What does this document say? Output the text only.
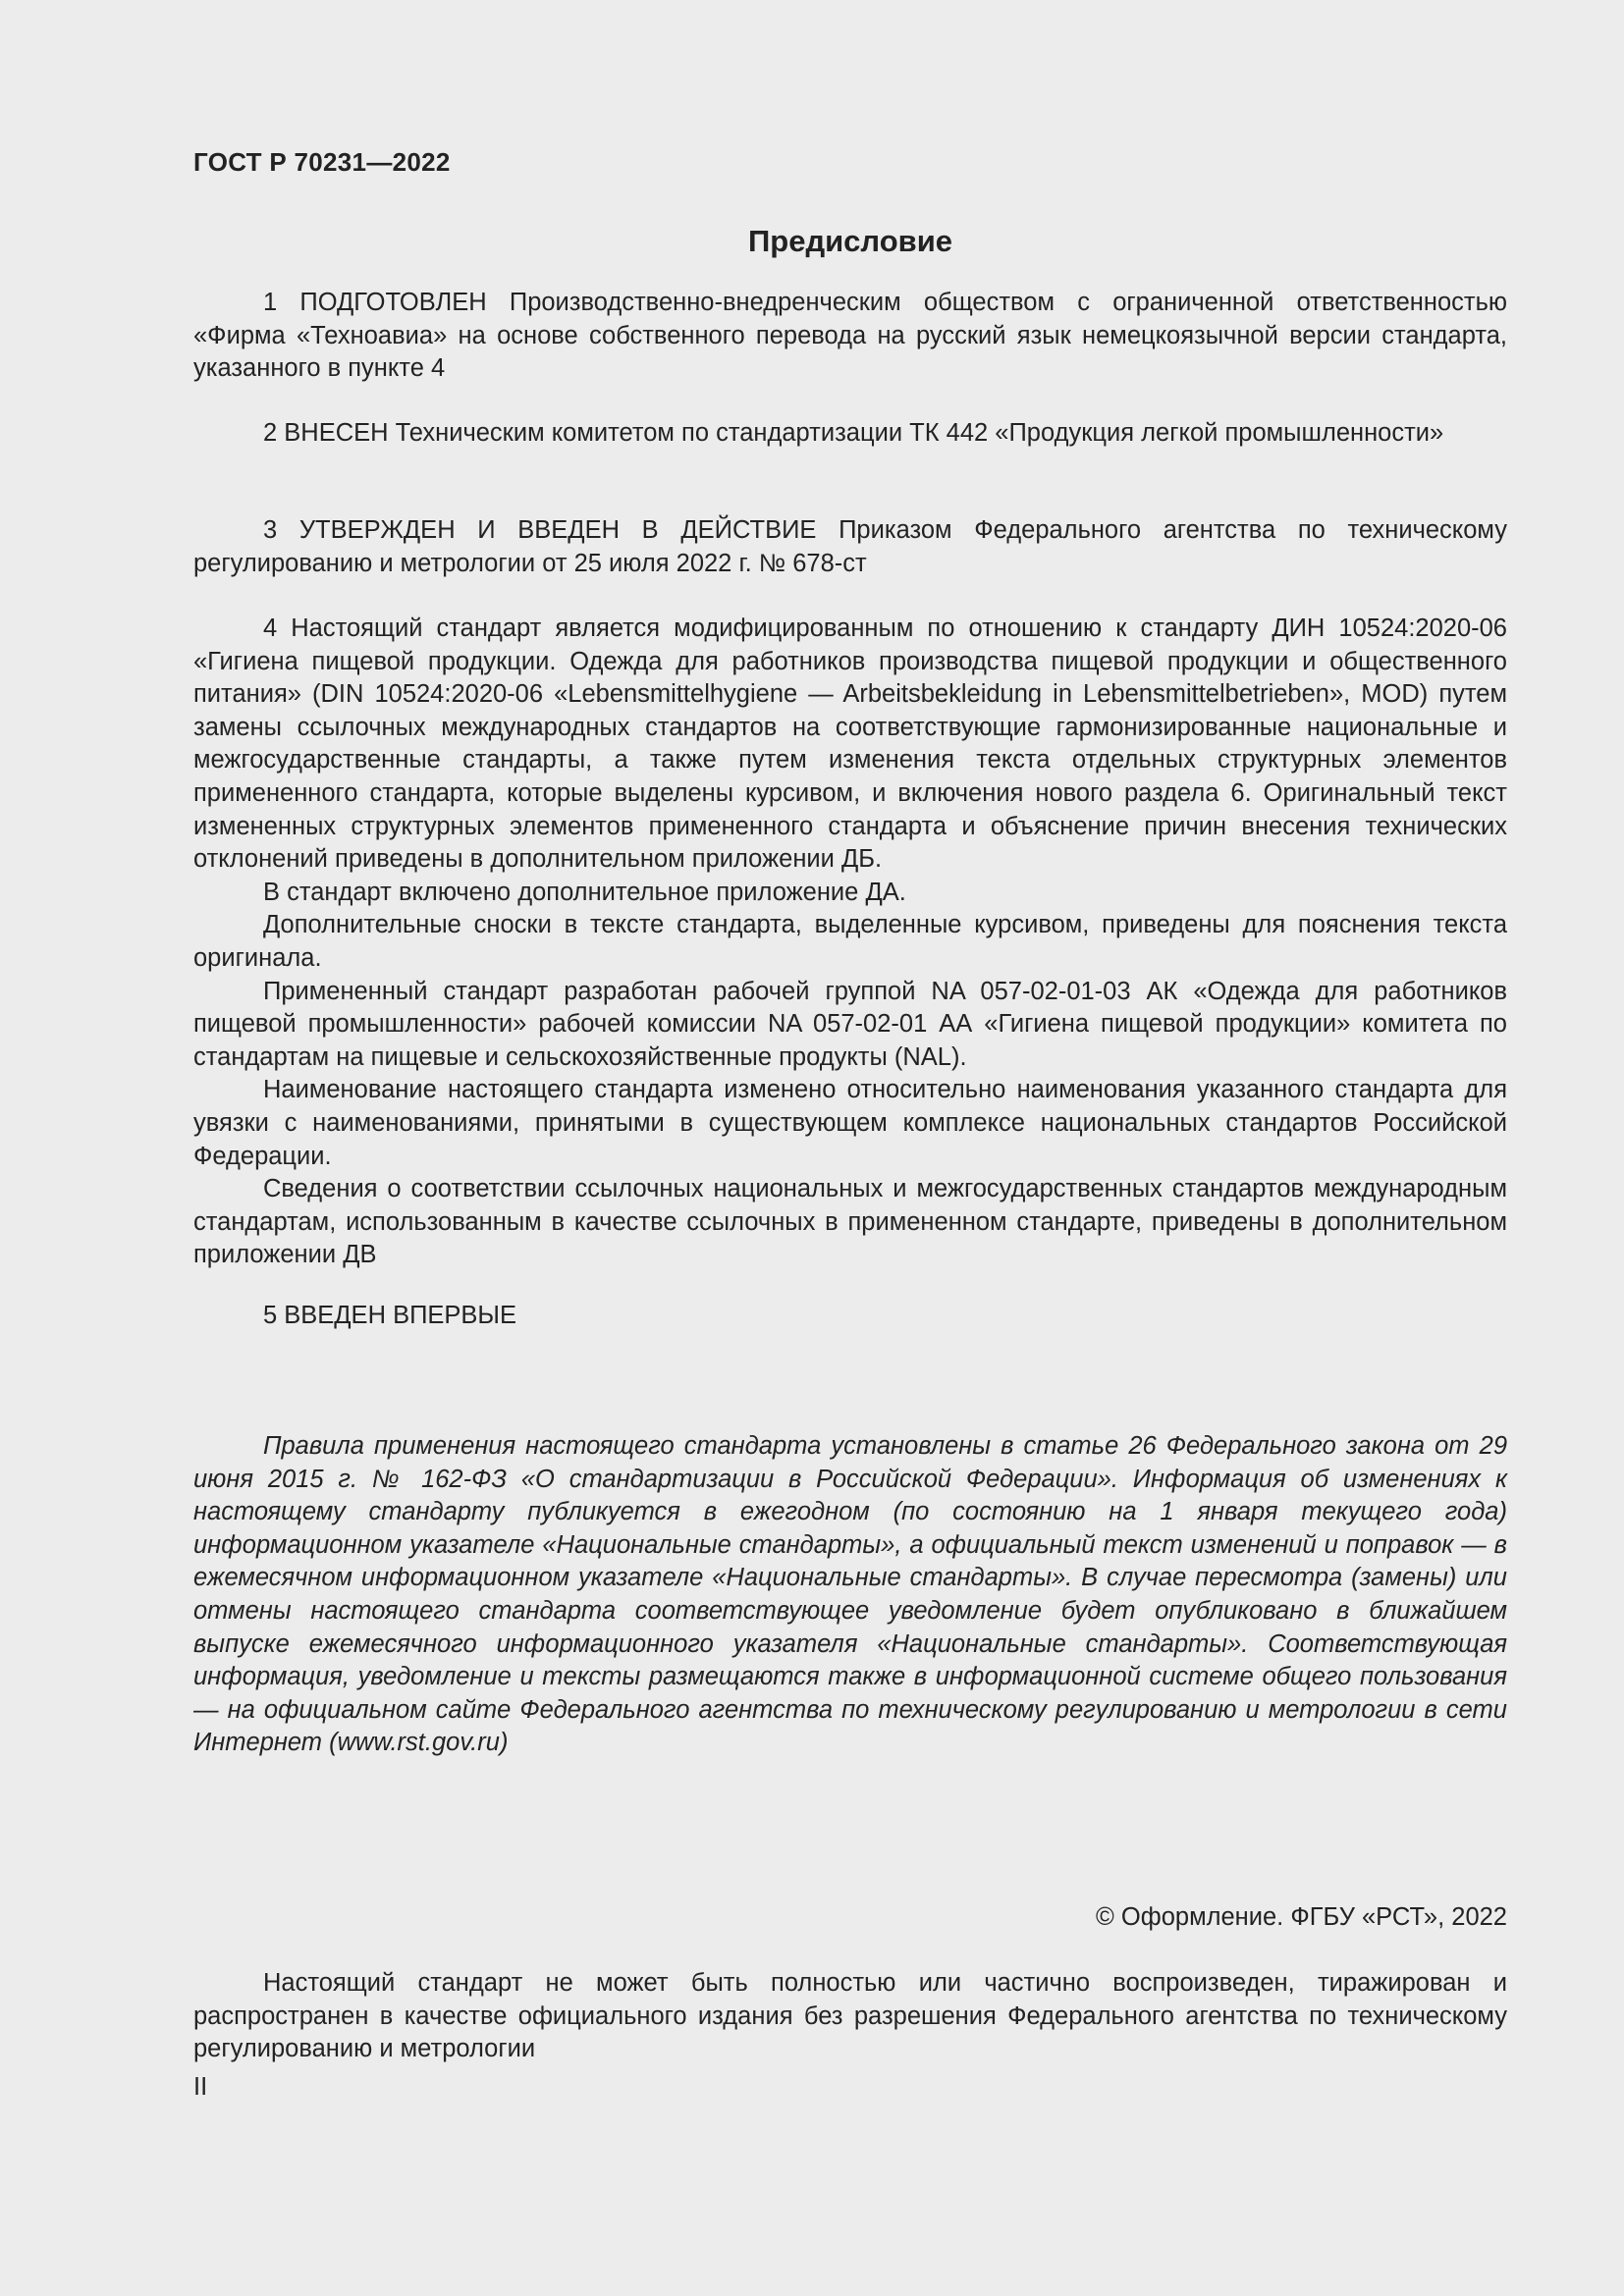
ГОСТ Р 70231—2022
Предисловие

1 ПОДГОТОВЛЕН Производственно-внедренческим обществом с ограниченной ответственностью «Фирма «Техноавиа» на основе собственного перевода на русский язык немецкоязычной версии стандарта, указанного в пункте 4

2 ВНЕСЕН Техническим комитетом по стандартизации ТК 442 «Продукция легкой промышленности»

3 УТВЕРЖДЕН И ВВЕДЕН В ДЕЙСТВИЕ Приказом Федерального агентства по техническому регулированию и метрологии от 25 июля 2022 г. № 678-ст

4 Настоящий стандарт является модифицированным по отношению к стандарту ДИН 10524:2020-06 «Гигиена пищевой продукции. Одежда для работников производства пищевой продукции и общественного питания» (DIN 10524:2020-06 «Lebensmittelhygiene — Arbeitsbekleidung in Lebensmittelbetrieben», MOD) путем замены ссылочных международных стандартов на соответствующие гармонизированные национальные и межгосударственные стандарты, а также путем изменения текста отдельных структурных элементов примененного стандарта, которые выделены курсивом, и включения нового раздела 6. Оригинальный текст измененных структурных элементов примененного стандарта и объяснение причин внесения технических отклонений приведены в дополнительном приложении ДБ.

В стандарт включено дополнительное приложение ДА.

Дополнительные сноски в тексте стандарта, выделенные курсивом, приведены для пояснения текста оригинала.

Примененный стандарт разработан рабочей группой NA 057-02-01-03 АК «Одежда для работников пищевой промышленности» рабочей комиссии NA 057-02-01 АА «Гигиена пищевой продукции» комитета по стандартам на пищевые и сельскохозяйственные продукты (NAL).

Наименование настоящего стандарта изменено относительно наименования указанного стандарта для увязки с наименованиями, принятыми в существующем комплексе национальных стандартов Российской Федерации.

Сведения о соответствии ссылочных национальных и межгосударственных стандартов международным стандартам, использованным в качестве ссылочных в примененном стандарте, приведены в дополнительном приложении ДВ

5 ВВЕДЕН ВПЕРВЫЕ

Правила применения настоящего стандарта установлены в статье 26 Федерального закона от 29 июня 2015 г. № 162-ФЗ «О стандартизации в Российской Федерации». Информация об изменениях к настоящему стандарту публикуется в ежегодном (по состоянию на 1 января текущего года) информационном указателе «Национальные стандарты», а официальный текст изменений и поправок — в ежемесячном информационном указателе «Национальные стандарты». В случае пересмотра (замены) или отмены настоящего стандарта соответствующее уведомление будет опубликовано в ближайшем выпуске ежемесячного информационного указателя «Национальные стандарты». Соответствующая информация, уведомление и тексты размещаются также в информационной системе общего пользования — на официальном сайте Федерального агентства по техническому регулированию и метрологии в сети Интернет (www.rst.gov.ru)

© Оформление. ФГБУ «РСТ», 2022

Настоящий стандарт не может быть полностью или частично воспроизведен, тиражирован и распространен в качестве официального издания без разрешения Федерального агентства по техническому регулированию и метрологии

II
